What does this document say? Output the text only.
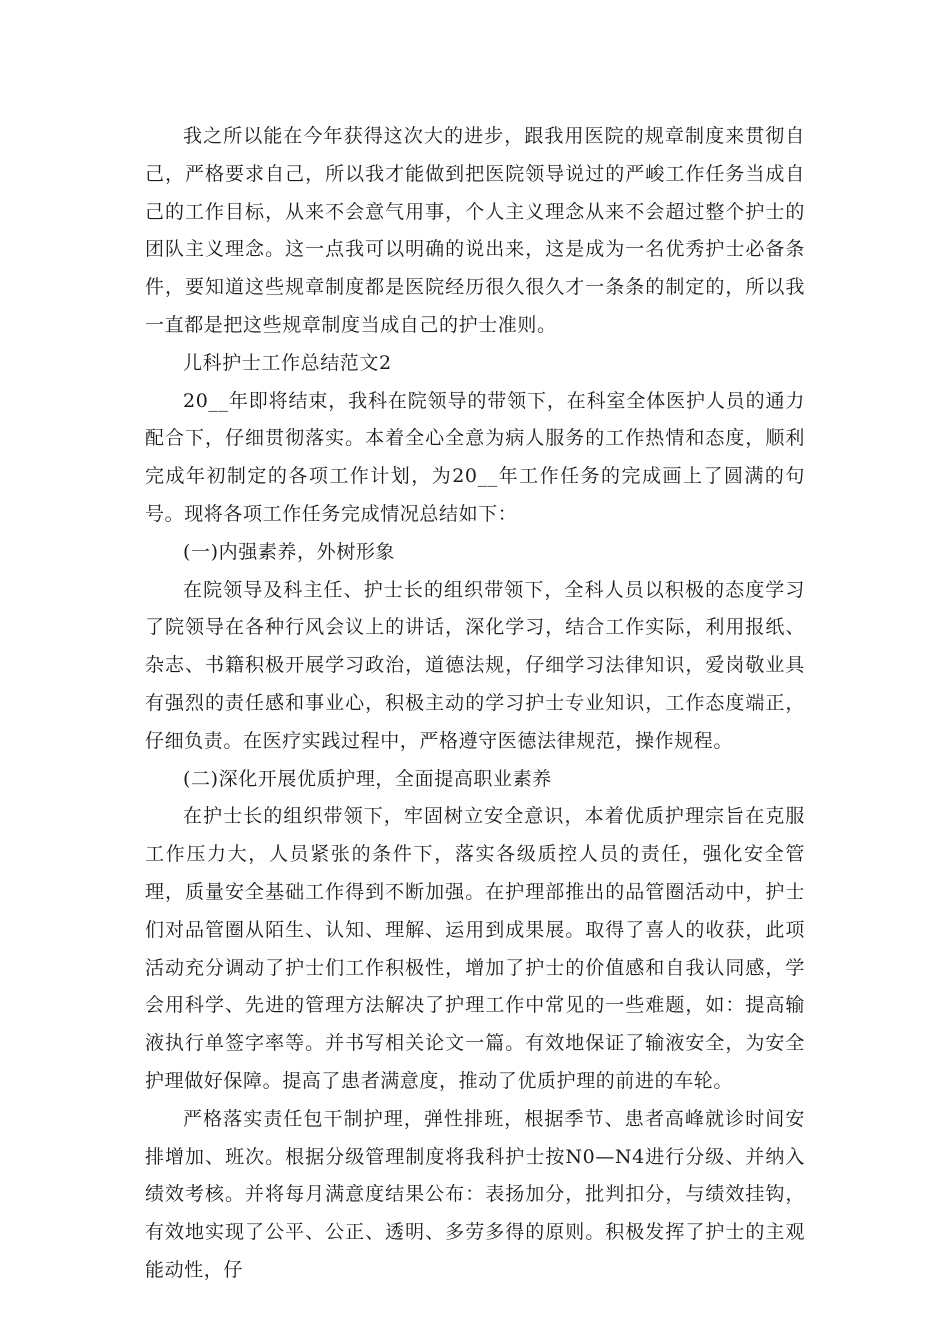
我之所以能在今年获得这次大的进步，跟我用医院的规章制度来贯彻自己，严格要求自己，所以我才能做到把医院领导说过的严峻工作任务当成自己的工作目标，从来不会意气用事，个人主义理念从来不会超过整个护士的团队主义理念。这一点我可以明确的说出来，这是成为一名优秀护士必备条件，要知道这些规章制度都是医院经历很久很久才一条条的制定的，所以我一直都是把这些规章制度当成自己的护士准则。

儿科护士工作总结范文2

20__年即将结束，我科在院领导的带领下，在科室全体医护人员的通力配合下，仔细贯彻落实。本着全心全意为病人服务的工作热情和态度，顺利完成年初制定的各项工作计划，为20__年工作任务的完成画上了圆满的句号。现将各项工作任务完成情况总结如下：

(一)内强素养，外树形象

在院领导及科主任、护士长的组织带领下，全科人员以积极的态度学习了院领导在各种行风会议上的讲话，深化学习，结合工作实际，利用报纸、杂志、书籍积极开展学习政治，道德法规，仔细学习法律知识，爱岗敬业具有强烈的责任感和事业心，积极主动的学习护士专业知识，工作态度端正，仔细负责。在医疗实践过程中，严格遵守医德法律规范，操作规程。

(二)深化开展优质护理，全面提高职业素养

在护士长的组织带领下，牢固树立安全意识，本着优质护理宗旨在克服工作压力大，人员紧张的条件下，落实各级质控人员的责任，强化安全管理，质量安全基础工作得到不断加强。在护理部推出的品管圈活动中，护士们对品管圈从陌生、认知、理解、运用到成果展。取得了喜人的收获，此项活动充分调动了护士们工作积极性，增加了护士的价值感和自我认同感，学会用科学、先进的管理方法解决了护理工作中常见的一些难题，如：提高输液执行单签字率等。并书写相关论文一篇。有效地保证了输液安全，为安全护理做好保障。提高了患者满意度，推动了优质护理的前进的车轮。

严格落实责任包干制护理，弹性排班，根据季节、患者高峰就诊时间安排增加、班次。根据分级管理制度将我科护士按N0—N4进行分级、并纳入绩效考核。并将每月满意度结果公布：表扬加分，批判扣分，与绩效挂钩，有效地实现了公平、公正、透明、多劳多得的原则。积极发挥了护士的主观能动性，仔
